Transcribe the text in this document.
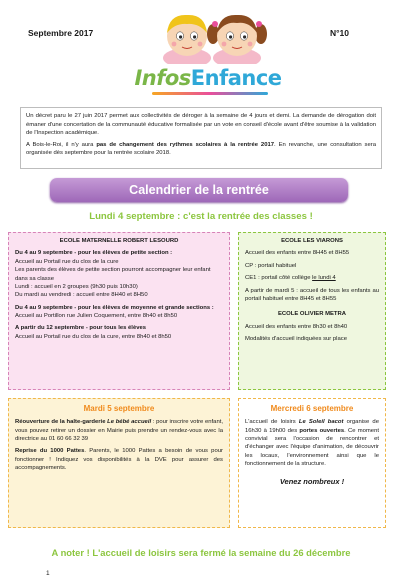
Septembre 2017	N°10
InfosEnfance

Un décret paru le 27 juin 2017 permet aux collectivités de déroger à la semaine de 4 jours et demi. La demande de dérogation doit émaner d'une concertation de la communauté éducative formalisée par un vote en conseil d'école avant d'être soumise à la validation de l'Inspection académique.

A Bois-le-Roi, il n'y aura pas de changement des rythmes scolaires à la rentrée 2017. En revanche, une consultation sera organisée dès septembre pour la rentrée scolaire 2018.

Calendrier de la rentrée
Lundi 4 septembre : c'est la rentrée des classes !
ECOLE MATERNELLE ROBERT LESOURD
Du 4 au 9 septembre - pour les élèves de petite section :
Accueil au Portail rue du clos de la cure
Les parents des élèves de petite section pourront accompagner leur enfant dans sa classe
Lundi : accueil en 2 groupes (9h30 puis 10h30)
Du mardi au vendredi : accueil entre 8H40 et 8H50
Du 4 au 9 septembre - pour les élèves de moyenne et grande sections :
Accueil au Portillon rue Julien Coquement, entre 8h40 et 8h50
A partir du 12 septembre - pour tous les élèves
Accueil au Portail rue du clos de la cure, entre 8h40 et 8h50
ECOLE LES VIARONS
Accueil des enfants entre 8H45 et 8H55
CP : portail habituel
CE1 : portail côté collège le lundi 4
A partir de mardi 5 : accueil de tous les enfants au portail habituel entre 8H45 et 8H55
ECOLE OLIVIER METRA
Accueil des enfants entre 8h30 et 8h40
Modalités d'accueil indiquées sur place
Mardi 5 septembre
Réouverture de la halte-garderie Le bébé accueil : pour inscrire votre enfant, vous pouvez retirer un dossier en Mairie puis prendre un rendez-vous avec la directrice au 01 60 66 32 39
Reprise du 1000 Pattes. Parents, le 1000 Pattes a besoin de vous pour fonctionner ! Indiquez vos disponibilités à la DVE pour assurer des accompagnements.
Mercredi 6 septembre
L'accueil de loisirs Le Soleil bacot organise de 16h30 à 19h00 des portes ouvertes. Ce moment convivial sera l'occasion de rencontrer et d'échanger avec l'équipe d'animation, de découvrir les locaux, l'environnement ainsi que le fonctionnement de la structure.
Venez nombreux !
A noter ! L'accueil de loisirs sera fermé la semaine du 26 décembre
1
